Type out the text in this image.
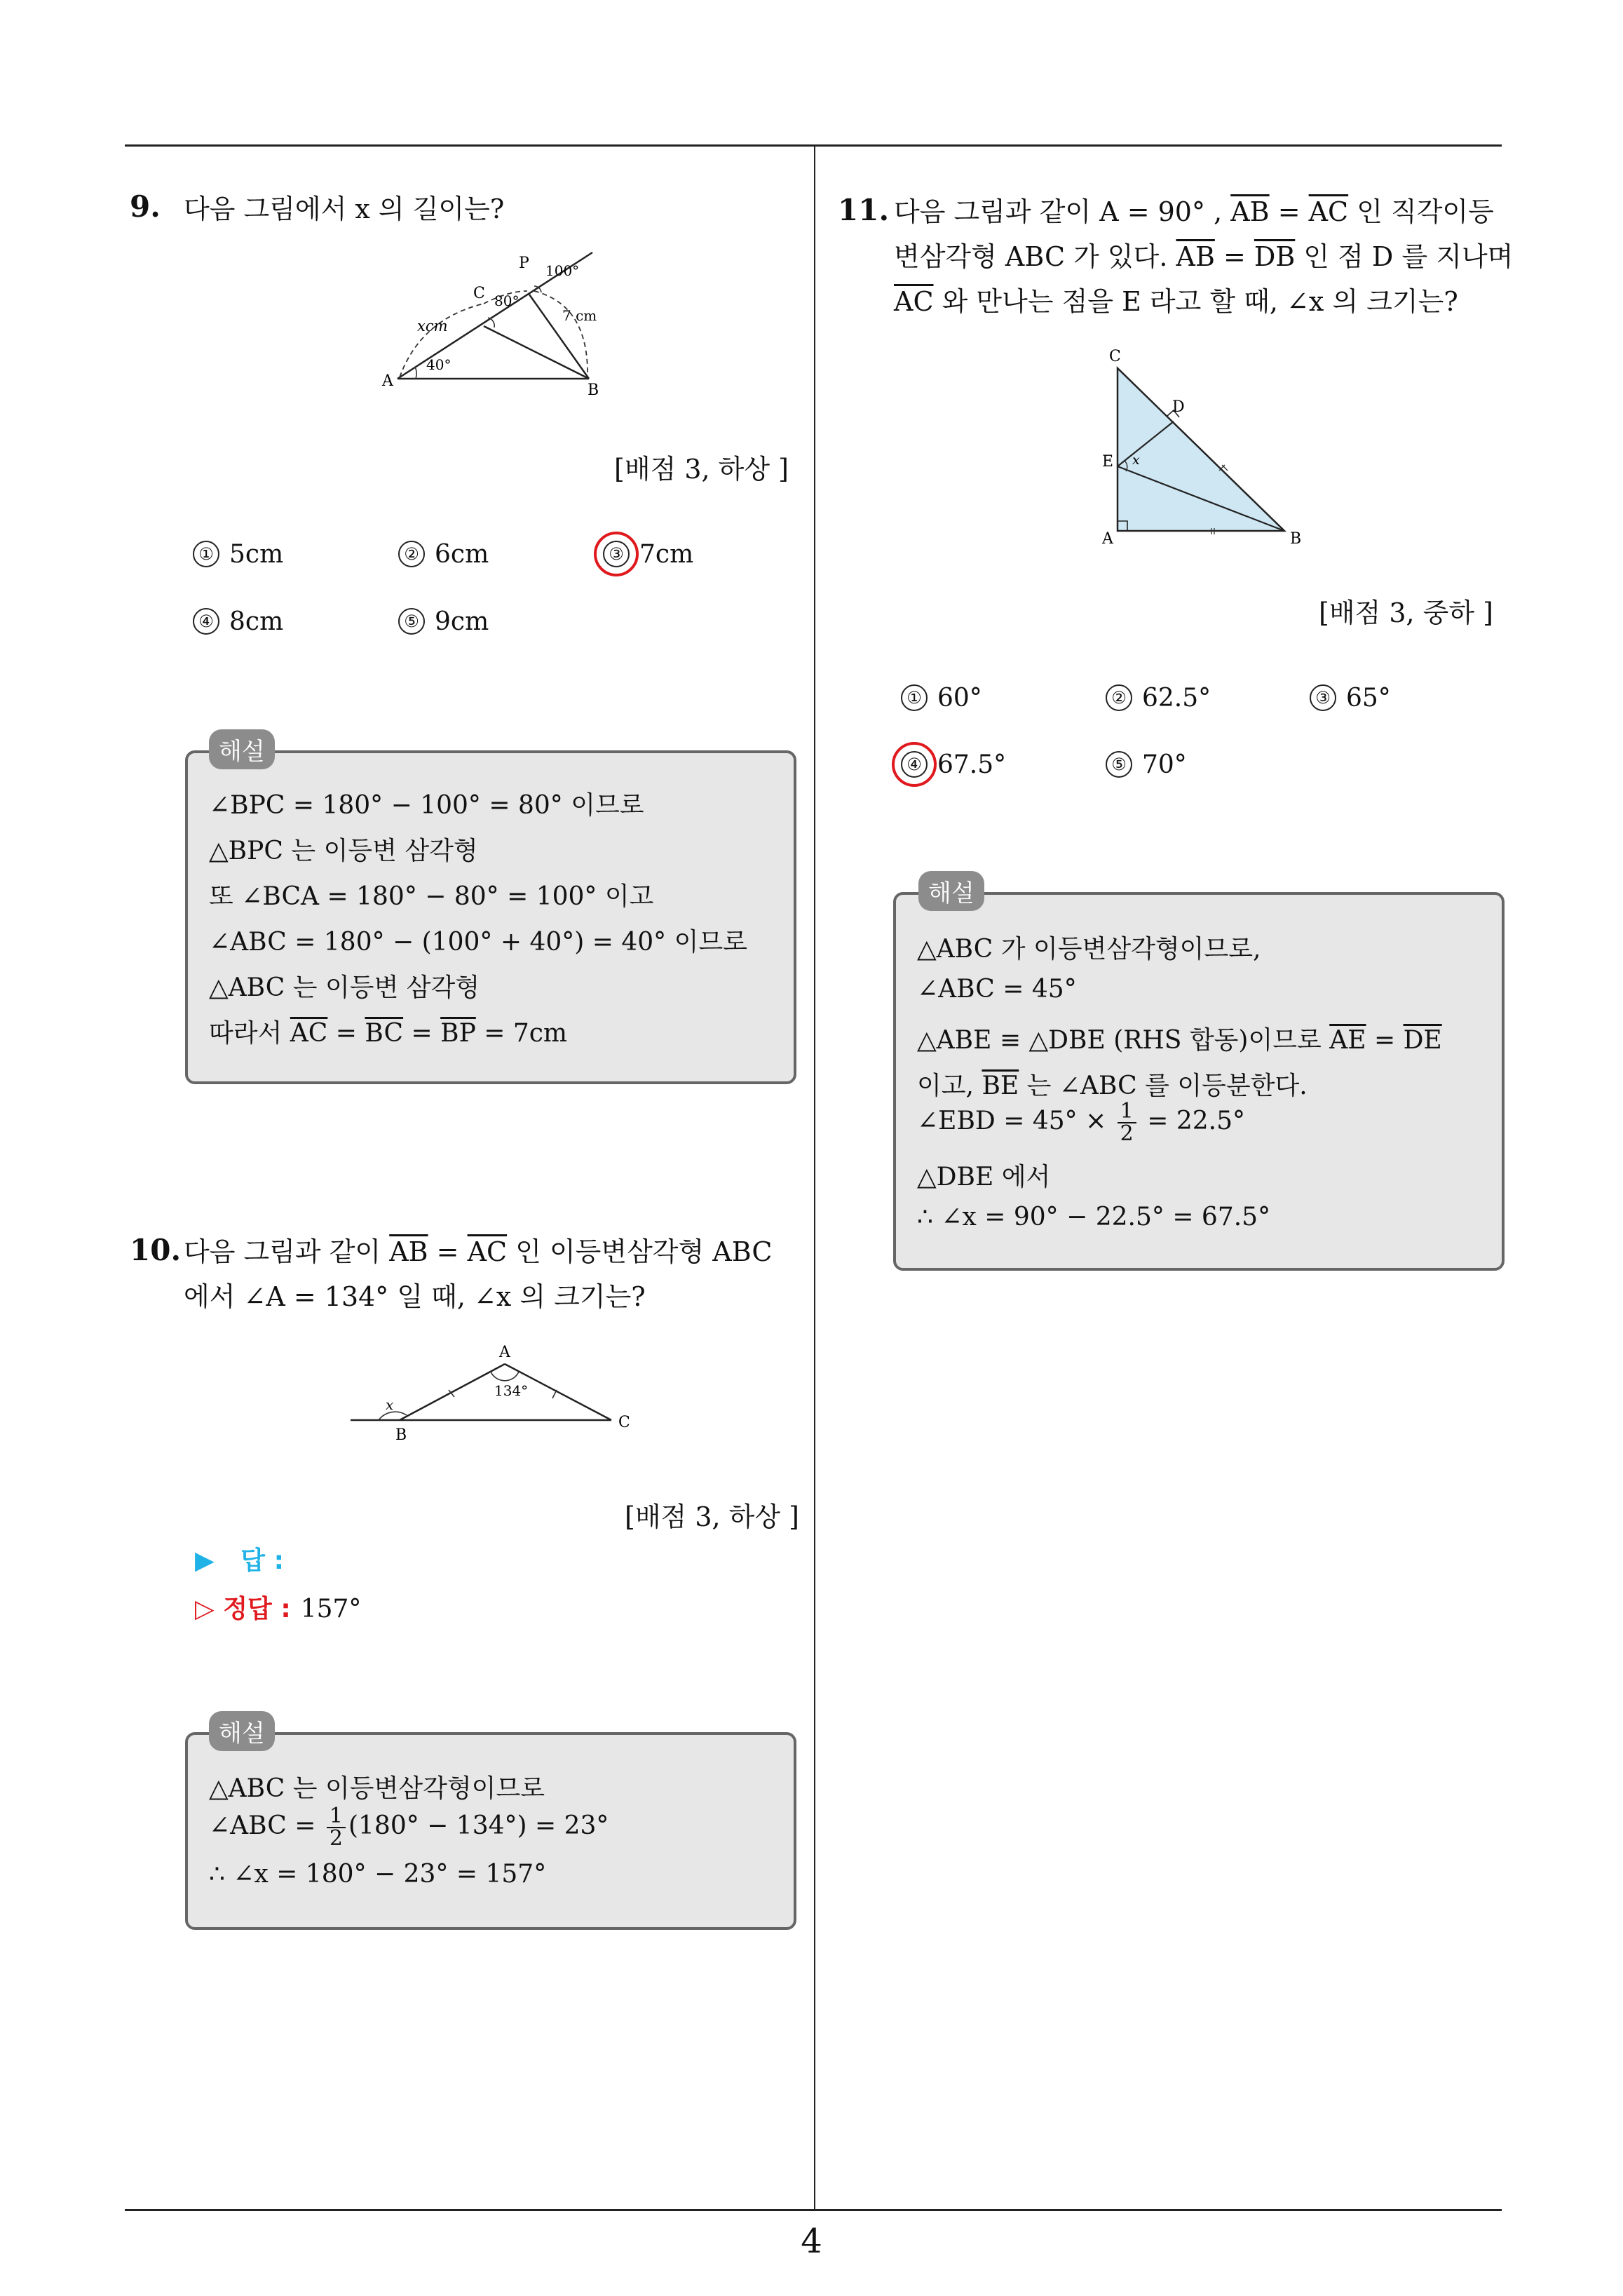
4
9. 다음 그림에서 x 의 길이는?
P 100°
C 80°
7 cm
xcm
A
40°
B
[배점 3, 하상 ]
① 5cm	② 6cm	③ 7cm
④ 8cm	⑤ 9cm
해설
∠BPC = 180° − 100° = 80° 이므로
△BPC 는 이등변 삼각형
또 ∠BCA = 180° − 80° = 100° 이고
∠ABC = 180° − (100° + 40°) = 40° 이므로
△ABC 는 이등변 삼각형
따라서 $\overline{AC} = \overline{BC} = \overline{BP} = 7cm$
10. 다음 그림과 같이 $\overline{AB} = \overline{AC}$ 인 이등변삼각형 ABC
에서 ∠A = 134° 일 때, ∠x 의 크기는?
A
134°
x
B
C
[배점 3, 하상 ]
▶ 답 :
▷ 정답 : 157°
해설
△ABC 는 이등변삼각형이므로
∠ABC = $\frac{1}{2} (180^\circ - 134^\circ) = 23^\circ$
∴ ∠x = 180° − 23° = 157°
11. 다음 그림과 같이 A = 90° , $\overline{AB} = \overline{AC}$ 인 직각이등
변삼각형 ABC 가 있다. $\overline{AB} = \overline{DB}$ 인 점 D 를 지나며
$\overline{AC}$ 와 만나는 점을 E 라고 할 때, ∠x 의 크기는?
C
D
E x
A	B
[배점 3, 중하 ]
① 60°	② 62.5°	③ 65°
④ 67.5°	⑤ 70°
해설
△ABC 가 이등변삼각형이므로,
∠ABC = 45°
△ABE ≡ △DBE (RHS 합동)이므로 $\overline{AE} = \overline{DE}$
이고, $\overline{BE}$ 는 ∠ABC 를 이등분한다.
∠EBD = $45^\circ \times \frac{1}{2} = 22.5^\circ$
△DBE 에서
∴ ∠x = 90° − 22.5° = 67.5°
